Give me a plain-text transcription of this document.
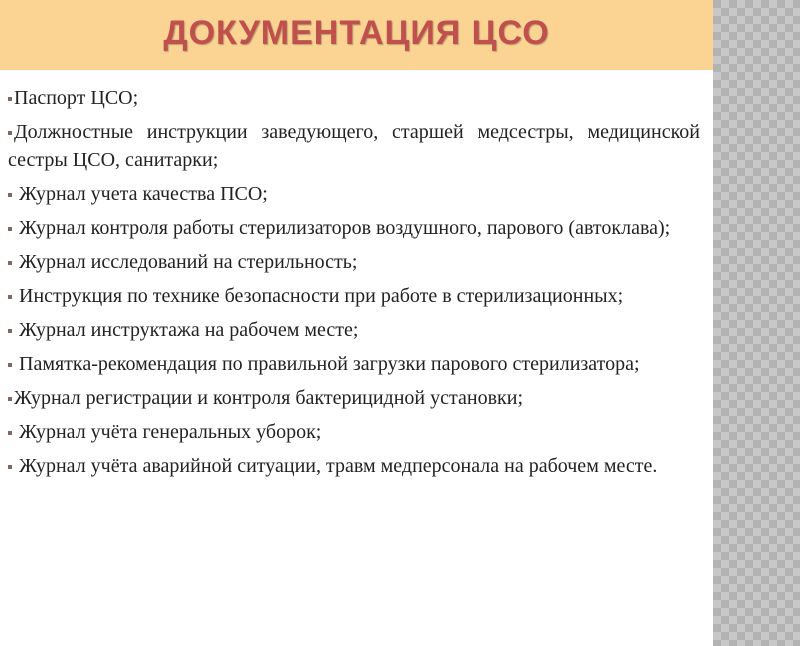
ДОКУМЕНТАЦИЯ ЦСО
Паспорт ЦСО;
Должностные инструкции заведующего, старшей медсестры, медицинской сестры ЦСО, санитарки;
Журнал учета качества ПСО;
Журнал контроля работы стерилизаторов воздушного, парового (автоклава);
Журнал исследований на стерильность;
Инструкция по технике безопасности при работе в стерилизационных;
Журнал инструктажа на рабочем месте;
Памятка-рекомендация по правильной загрузки парового стерилизатора;
Журнал регистрации и контроля бактерицидной установки;
Журнал учёта генеральных уборок;
Журнал учёта аварийной ситуации, травм медперсонала на рабочем месте.
